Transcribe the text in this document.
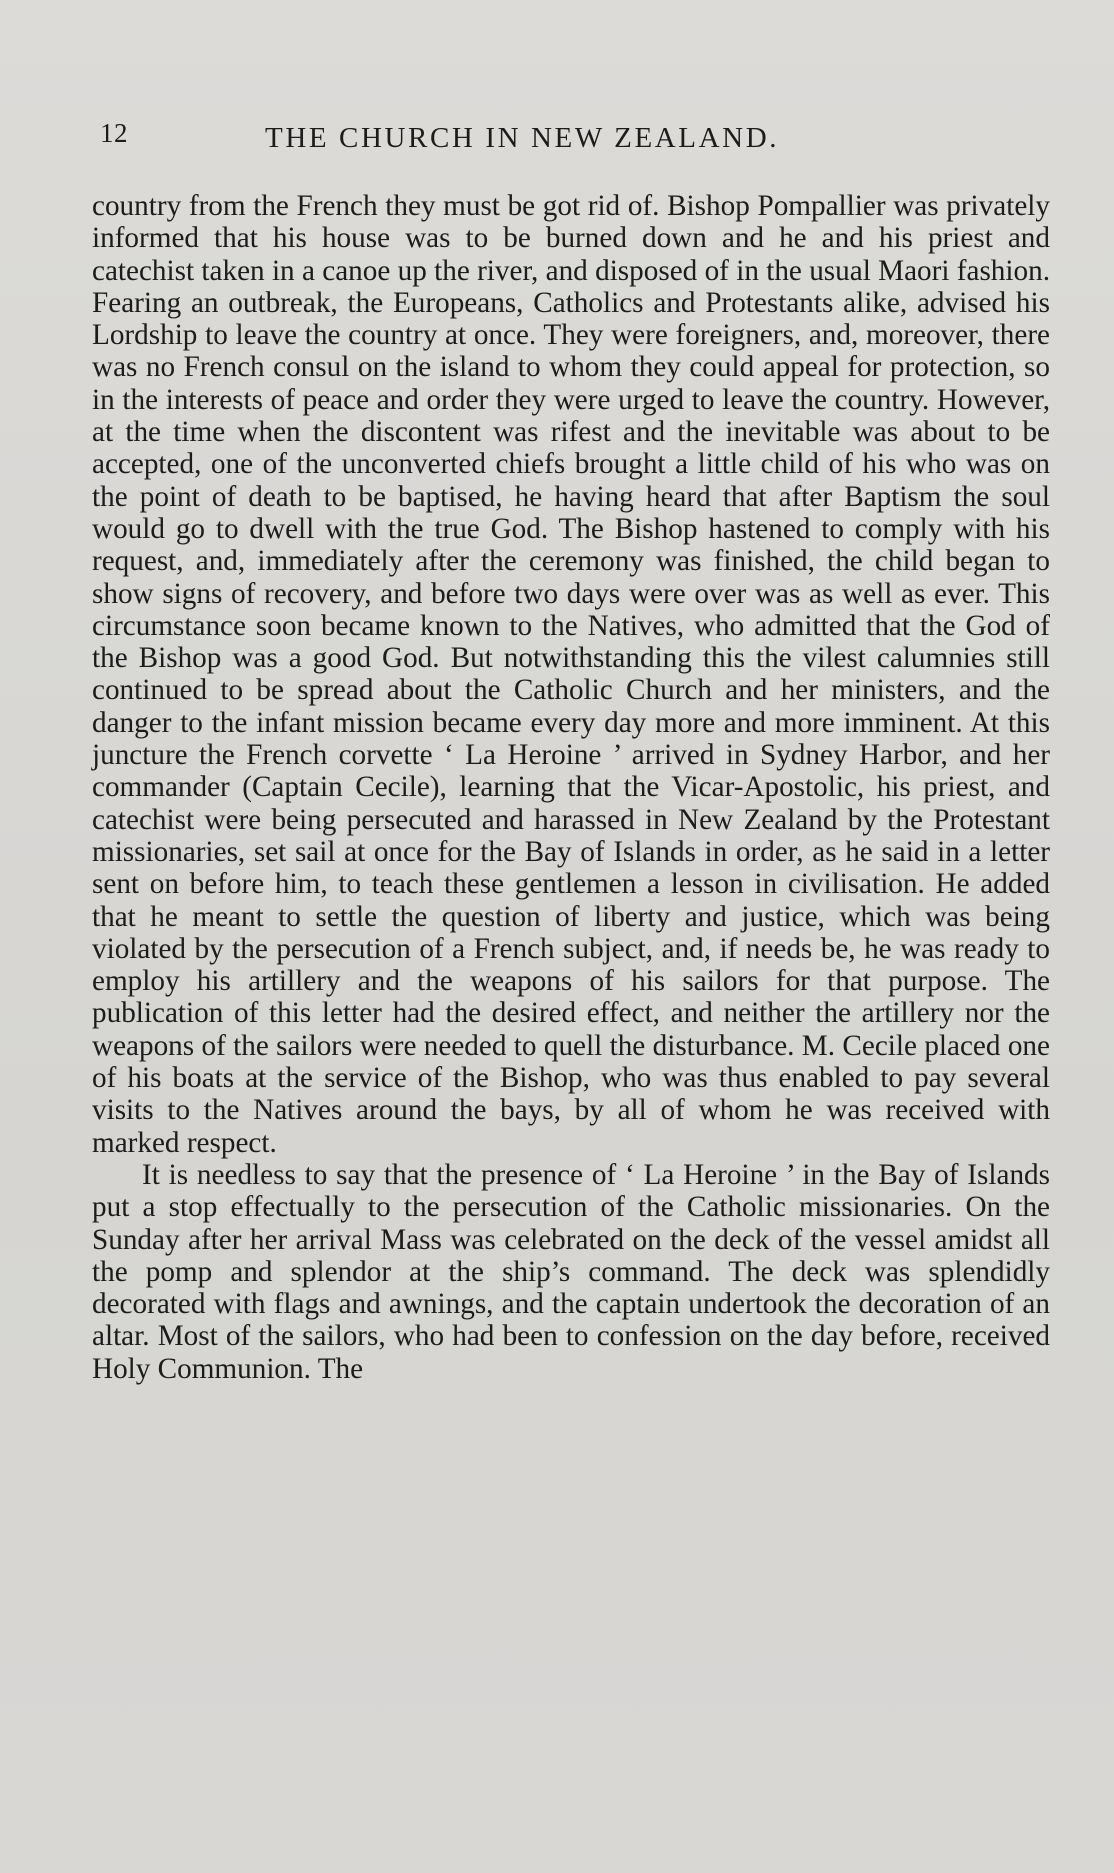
12	THE CHURCH IN NEW ZEALAND.

country from the French they must be got rid of. Bishop Pompallier was privately informed that his house was to be burned down and he and his priest and catechist taken in a canoe up the river, and disposed of in the usual Maori fashion. Fearing an outbreak, the Europeans, Catholics and Protestants alike, advised his Lordship to leave the country at once. They were foreigners, and, moreover, there was no French consul on the island to whom they could appeal for protection, so in the interests of peace and order they were urged to leave the country. However, at the time when the discontent was rifest and the inevitable was about to be accepted, one of the unconverted chiefs brought a little child of his who was on the point of death to be baptised, he having heard that after Baptism the soul would go to dwell with the true God. The Bishop hastened to comply with his request, and, immediately after the ceremony was finished, the child began to show signs of recovery, and before two days were over was as well as ever. This circumstance soon became known to the Natives, who admitted that the God of the Bishop was a good God. But notwithstanding this the vilest calumnies still continued to be spread about the Catholic Church and her ministers, and the danger to the infant mission became every day more and more imminent. At this juncture the French corvette ‘ La Heroine ’ arrived in Sydney Harbor, and her commander (Captain Cecile), learning that the Vicar-Apostolic, his priest, and catechist were being persecuted and harassed in New Zealand by the Protestant missionaries, set sail at once for the Bay of Islands in order, as he said in a letter sent on before him, to teach these gentlemen a lesson in civilisation. He added that he meant to settle the question of liberty and justice, which was being violated by the persecution of a French subject, and, if needs be, he was ready to employ his artillery and the weapons of his sailors for that purpose. The publication of this letter had the desired effect, and neither the artillery nor the weapons of the sailors were needed to quell the disturbance. M. Cecile placed one of his boats at the service of the Bishop, who was thus enabled to pay several visits to the Natives around the bays, by all of whom he was received with marked respect.

It is needless to say that the presence of ‘ La Heroine ’ in the Bay of Islands put a stop effectually to the persecution of the Catholic missionaries. On the Sunday after her arrival Mass was celebrated on the deck of the vessel amidst all the pomp and splendor at the ship’s command. The deck was splendidly decorated with flags and awnings, and the captain undertook the decoration of an altar. Most of the sailors, who had been to confession on the day before, received Holy Communion. The
